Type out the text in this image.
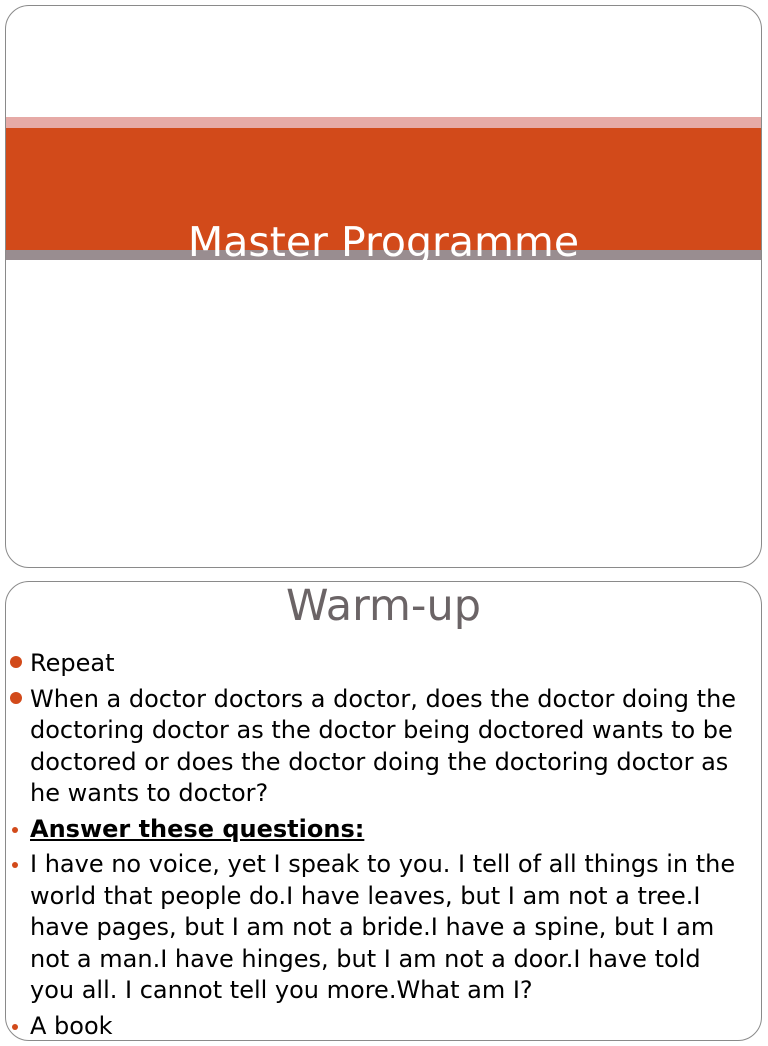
Master Programme
Warm-up
Repeat
When a doctor doctors a doctor, does the doctor doing the doctoring doctor as the doctor being doctored wants to be doctored or does the doctor doing the doctoring doctor as he wants to doctor?
Answer these questions:
I have no voice, yet I speak to you. I tell of all things in the world that people do.I have leaves, but I am not a tree.I have pages, but I am not a bride.I have a spine, but I am not a man.I have hinges, but I am not a door.I have told you all. I cannot tell you more.What am I?
A book
